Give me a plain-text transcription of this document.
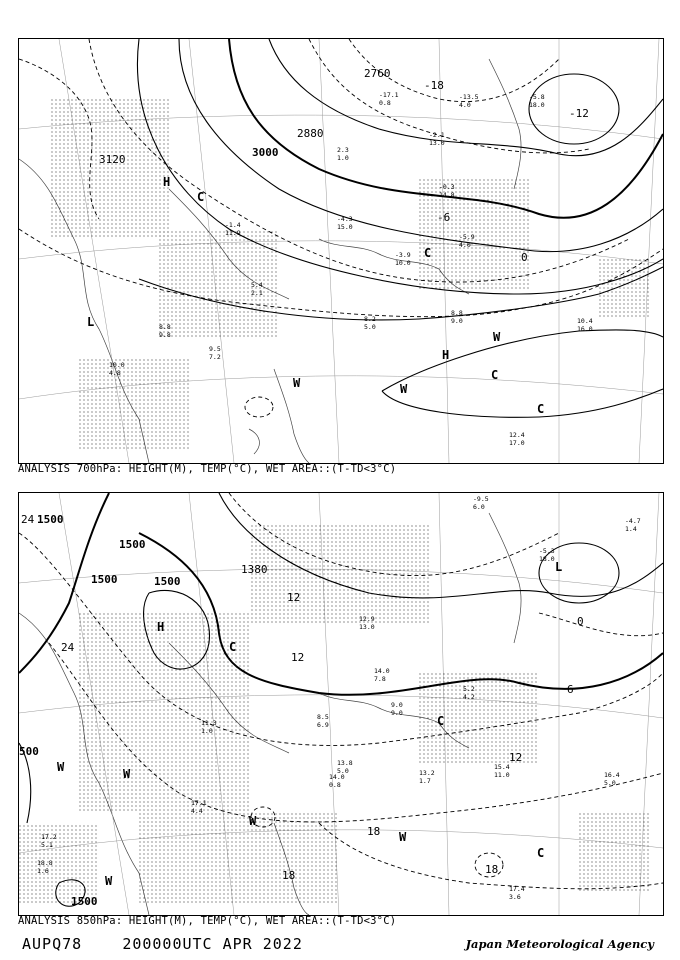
3120
2880
3000
2760
0
-6
-12
-18
L
H
H
W
W
W
C
C
C
C
9.5
7.2
8.2
5.0
8.8
9.0	10.4
16.0
12.4
17.0
-2.1
13.0
-5.9
4.0
-3.9
10.0
2.3
1.0
-4.3
15.0
5.4
2.1
8.8
9.8
10.0
4.8
-1.4
11.9
-17.1
0.8
-13.5
4.0
-5.8
18.0
-0.3
14.8
ANALYSIS 700hPa: HEIGHT(M), TEMP(°C), WET AREA::(T-TD<3°C)
1500
1500
1500	1500
1500
1380
500
24
12
12
12
18
18	18
0
6
24
H
L
C
C
C
W	W
W
W
W
15.4
11.0	16.4
5.0
17.4
3.6
13.2
1.7
14.0
0.8
17.1
4.4
11.3
1.0
18.8
1.6
17.2
5.1
13.8
5.0
8.5
6.9
9.0
9.0
12.9
13.0
-5.3
18.0
-9.5
6.0
5.2
4.2
14.0
7.8
-4.7
1.4
ANALYSIS 850hPa: HEIGHT(M), TEMP(°C), WET AREA::(T-TD<3°C)
AUPQ78	200000UTC APR 2022	Japan Meteorological Agency
